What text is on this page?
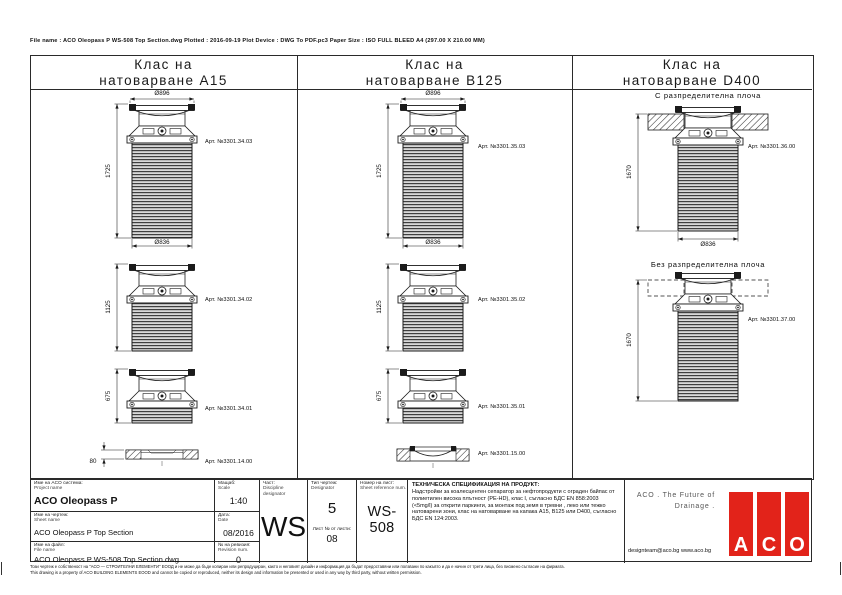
File name : ACO Oleopass P WS-508 Top Section.dwg Plotted : 2016-09-19 Plot Device : DWG To PDF.pc3 Paper Size : ISO FULL BLEED A4 (297.00 X 210.00 MM)
Клас на
натоварване А15
Клас на
натоварване B125
Клас на
натоварване D400
Ø896
1725
Ø836
Арт. №3301.34.03
1125
Арт. №3301.34.02
675
Арт. №3301.34.01
80	Арт. №3301.14.00
Ø896
1725
Ø836
Арт. №3301.35.03
1125
Арт. №3301.35.02
675
Арт. №3301.35.01
Арт. №3301.15.00
С разпределителна плоча
1670
Ø836
Арт. №3301.36.00
Без разпределителна плоча
1670
Арт. №3301.37.00
Име на ACO система:
Project name
ACO Oleopass P
Име на чертеж:
Sheet name
ACO Oleopass P Top Section
Име на файл:
File name
ACO Oleopass P WS-508 Top Section.dwg
Мащаб:
Scale
1:40
Дата:
Date
08/2016
№ на ревизия:
Revision num.
0
Част:
Discipline designator
WS
Тип чертеж:
Designator
5
Лист № от листи:
08
Номер на лист:
Sheet reference num.
WS-508
ТЕХНИЧЕСКА СПЕЦИФИКАЦИЯ НА ПРОДУКТ:
Надстройки за коалесцентен сепаратор за нефтопродукти с ограден байпас от полиетилен висока плътност (PE-HD), клас I, съгласно БДС EN 858:2003 (<5mg/l) за открити паркинги, за монтаж под земя в тревни , леко или тежко натоварени зони, клас на натоварване на капака А15, В125 или D400, съгласно БДС EN 124:2003.
ACO . The Future of
Drainage .
designteam@aco.bg www.aco.bg A C O
Този чертеж е собственост на "АСО — СТРОИТЕЛНИ ЕЛЕМЕНТИ" ЕООД и не може да бъде копиран или репродуциран, както и неговият дизайн и информация да бъдат предоставяни или ползвани по какъвто и да е начин от трети лица, без писмено съгласие на фирмата.
This drawing is a property of ACO BUILDING ELEMENTS EOOD and cannot be copied or reproduced, neither its design and information be presented or used in any way by third party, without written permission.
